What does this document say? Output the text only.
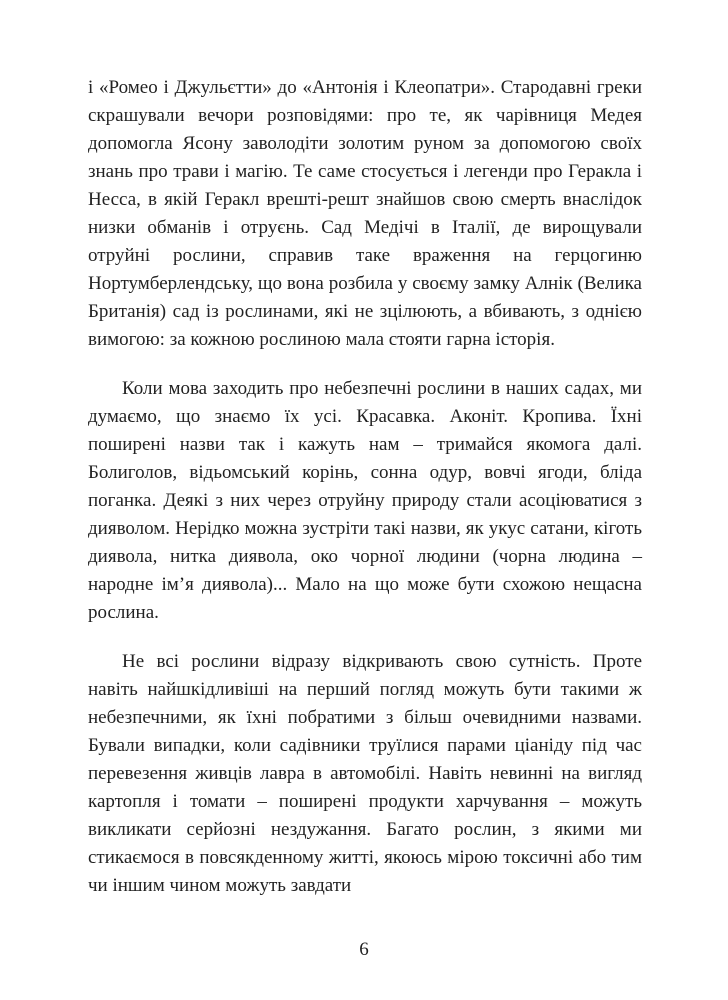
і «Ромео і Джульєтти» до «Антонія і Клеопатри». Стародавні греки скрашували вечори розповідями: про те, як чарівниця Медея допомогла Ясону заволодіти золотим руном за допомогою своїх знань про трави і магію. Те саме стосується і легенди про Геракла і Несса, в якій Геракл врешті-решт знайшов свою смерть внаслідок низки обманів і отруєнь. Сад Медічі в Італії, де вирощували отруйні рослини, справив таке враження на герцогиню Нортумберлендську, що вона розбила у своєму замку Алнік (Велика Британія) сад із рослинами, які не зцілюють, а вбивають, з однією вимогою: за кожною рослиною мала стояти гарна історія.

Коли мова заходить про небезпечні рослини в наших садах, ми думаємо, що знаємо їх усі. Красавка. Аконіт. Кропива. Їхні поширені назви так і кажуть нам – тримайся якомога далі. Болиголов, відьомський корінь, сонна одур, вовчі ягоди, бліда поганка. Деякі з них через отруйну природу стали асоціюватися з дияволом. Нерідко можна зустріти такі назви, як укус сатани, кіготь диявола, нитка диявола, око чорної людини (чорна людина – народне ім’я диявола)... Мало на що може бути схожою нещасна рослина.

Не всі рослини відразу відкривають свою сутність. Проте навіть найшкідливіші на перший погляд можуть бути такими ж небезпечними, як їхні побратими з більш очевидними назвами. Бували випадки, коли садівники труїлися парами ціаніду під час перевезення живців лавра в автомобілі. Навіть невинні на вигляд картопля і томати – поширені продукти харчування – можуть викликати серйозні нездужання. Багато рослин, з якими ми стикаємося в повсякденному житті, якоюсь мірою токсичні або тим чи іншим чином можуть завдати

6
